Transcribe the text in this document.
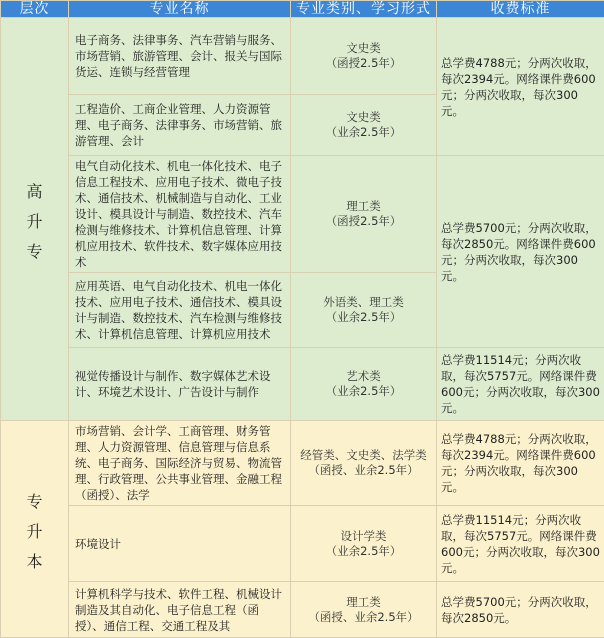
层次	专业名称	专业类别、学习形式	收费标准

高
升
专	电子商务、法律事务、汽车营销与服务、市场营销、旅游管理、会计、报关与国际货运、连锁与经营管理	文史类
（函授2.5年）	总学费4788元；分两次收取，每次2394元。网络课件费600元；分两次收取，每次300元。
	工程造价、工商企业管理、人力资源管理、电子商务、法律事务、市场营销、旅游管理、会计	文史类
（业余2.5年）	

	电气自动化技术、机电一体化技术、电子信息工程技术、应用电子技术、微电子技术、通信技术、机械制造与自动化、工业设计、模具设计与制造、数控技术、汽车检测与维修技术、计算机信息管理、计算机应用技术、软件技术、数字媒体应用技术	理工类
（函授2.5年）	总学费5700元；分两次收取，每次2850元。网络课件费600元；分两次收取，每次300元。
	应用英语、电气自动化技术、机电一体化技术、应用电子技术、通信技术、模具设计与制造、数控技术、汽车检测与维修技术、计算机信息管理、计算机应用技术	外语类、理工类
（业余2.5年）	

	视觉传播设计与制作、数字媒体艺术设计、环境艺术设计、广告设计与制作	艺术类
（业余2.5年）	总学费11514元；分两次收取，每次5757元。网络课件费600元；分两次收取，每次300元。

专
升
本	市场营销、会计学、工商管理、财务管理、人力资源管理、信息管理与信息系统、电子商务、国际经济与贸易、物流管理、行政管理、公共事业管理、金融工程（函授）、法学	经管类、文史类、法学类
（函授、业余2.5年）	总学费4788元；分两次收取，每次2394元。网络课件费600元；分两次收取，每次300元。
	环境设计	设计学类
（业余2.5年）	总学费11514元；分两次收取，每次5757元。网络课件费600元；分两次收取，每次300元。
	计算机科学与技术、软件工程、机械设计制造及其自动化、电子信息工程（函授）、通信工程、交通工程及其	理工类
（函授、业余2.5年）	总学费5700元；分两次收取，每次2850元。
